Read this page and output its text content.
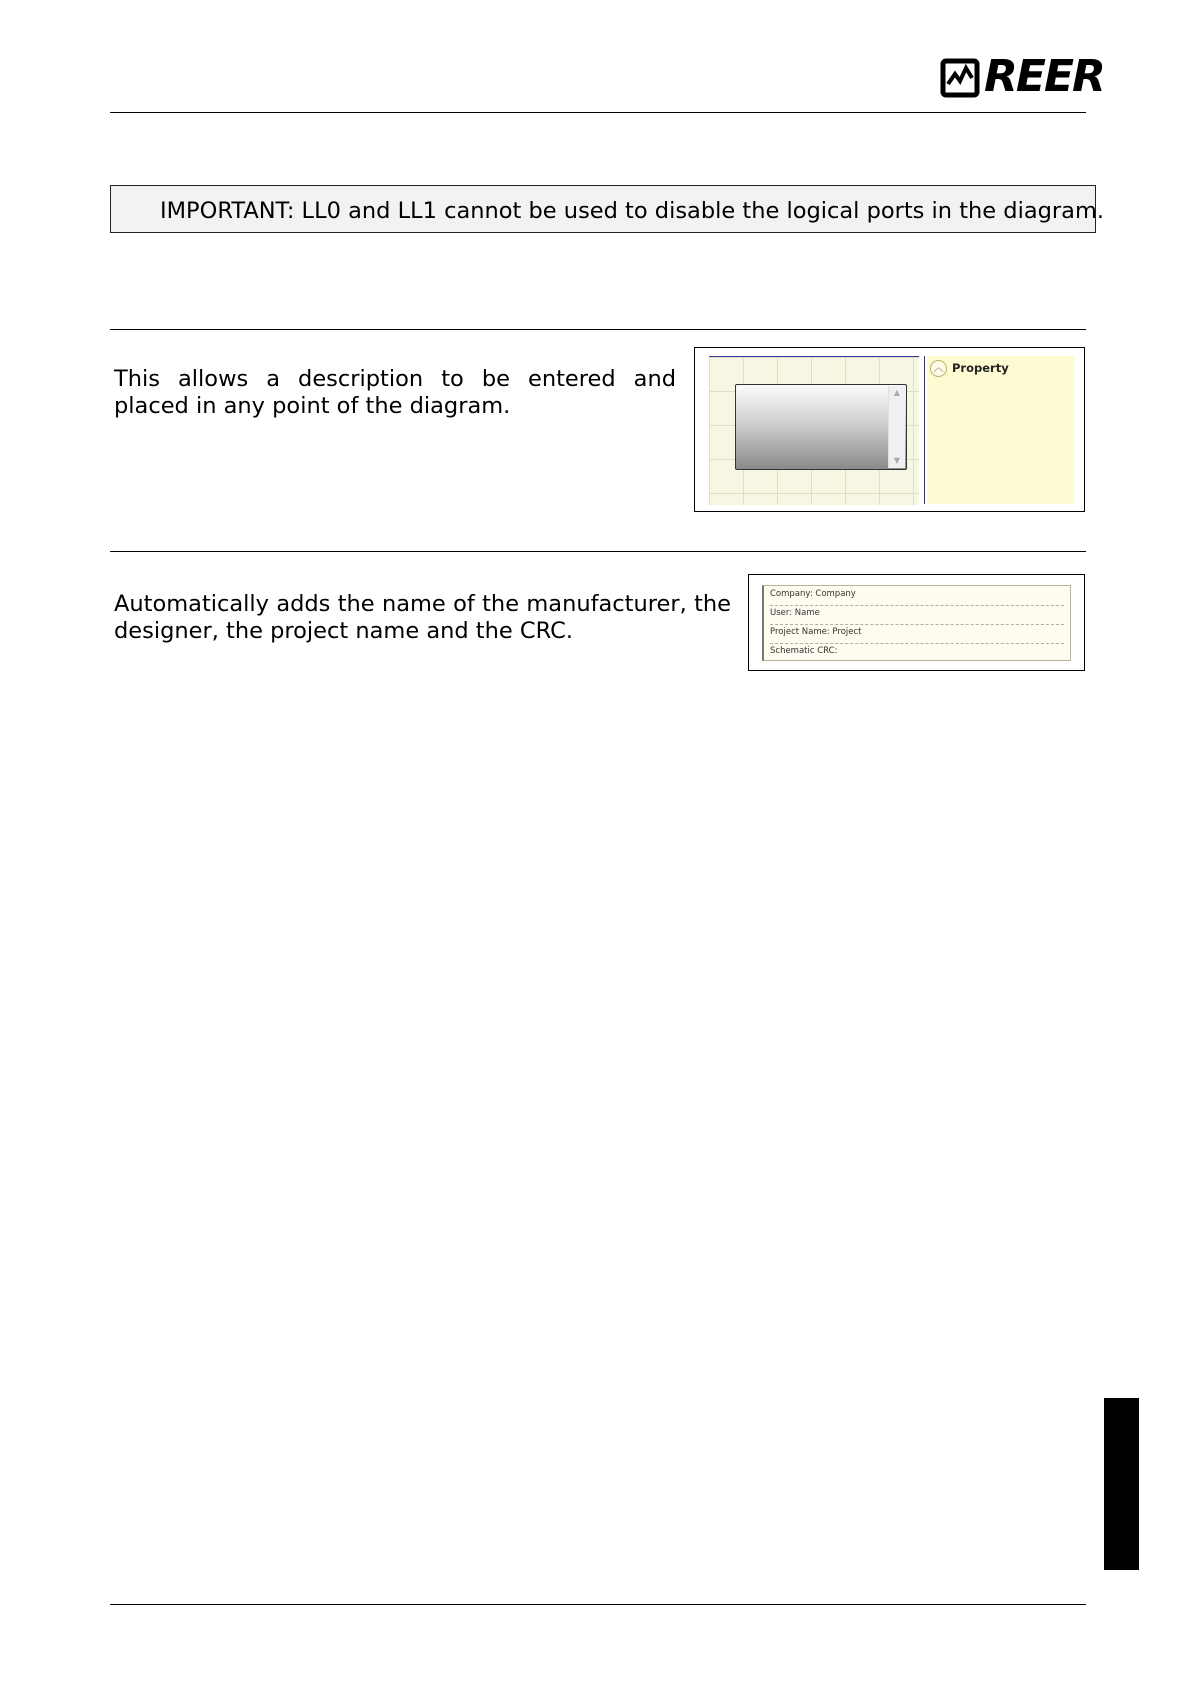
REER
IMPORTANT: LL0 and LL1 cannot be used to disable the logical ports in the diagram.
This allows a description to be entered and placed in any point of the diagram.
▲
▼
︿ Property
Automatically adds the name of the manufacturer, the designer, the project name and the CRC.
Company: Company
User: Name
Project Name: Project
Schematic CRC:
